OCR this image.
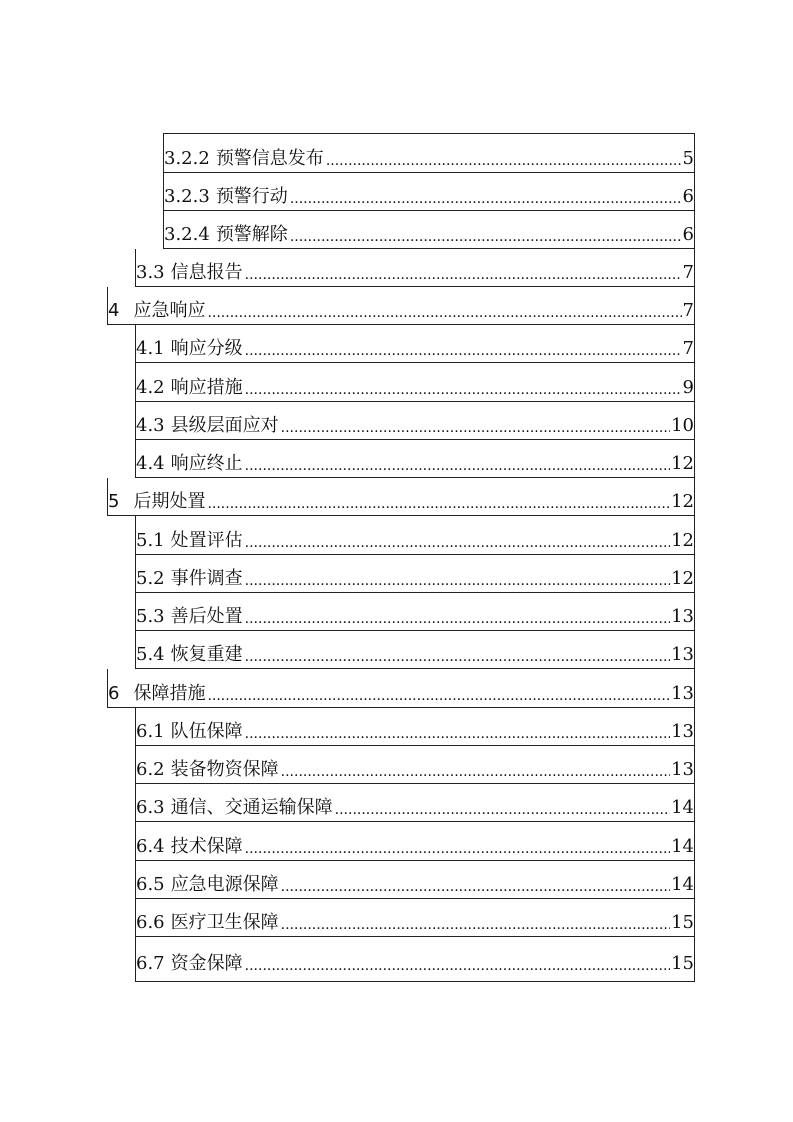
3.2.2 预警信息发布 .....	5
3.2.3 预警行动 .....	6
3.2.4 预警解除 .....	6
3.3 信息报告 .....	7
4 应急响应 .....	7
4.1 响应分级 .....	7
4.2 响应措施 .....	9
4.3 县级层面应对 .....	10
4.4 响应终止 .....	12
5 后期处置 .....	12
5.1 处置评估 .....	12
5.2 事件调查 .....	12
5.3 善后处置 .....	13
5.4 恢复重建 .....	13
6 保障措施 .....	13
6.1 队伍保障 .....	13
6.2 装备物资保障 .....	13
6.3 通信、交通运输保障 .....	14
6.4 技术保障 .....	14
6.5 应急电源保障 .....	14
6.6 医疗卫生保障 .....	15
6.7 资金保障 .....	15
